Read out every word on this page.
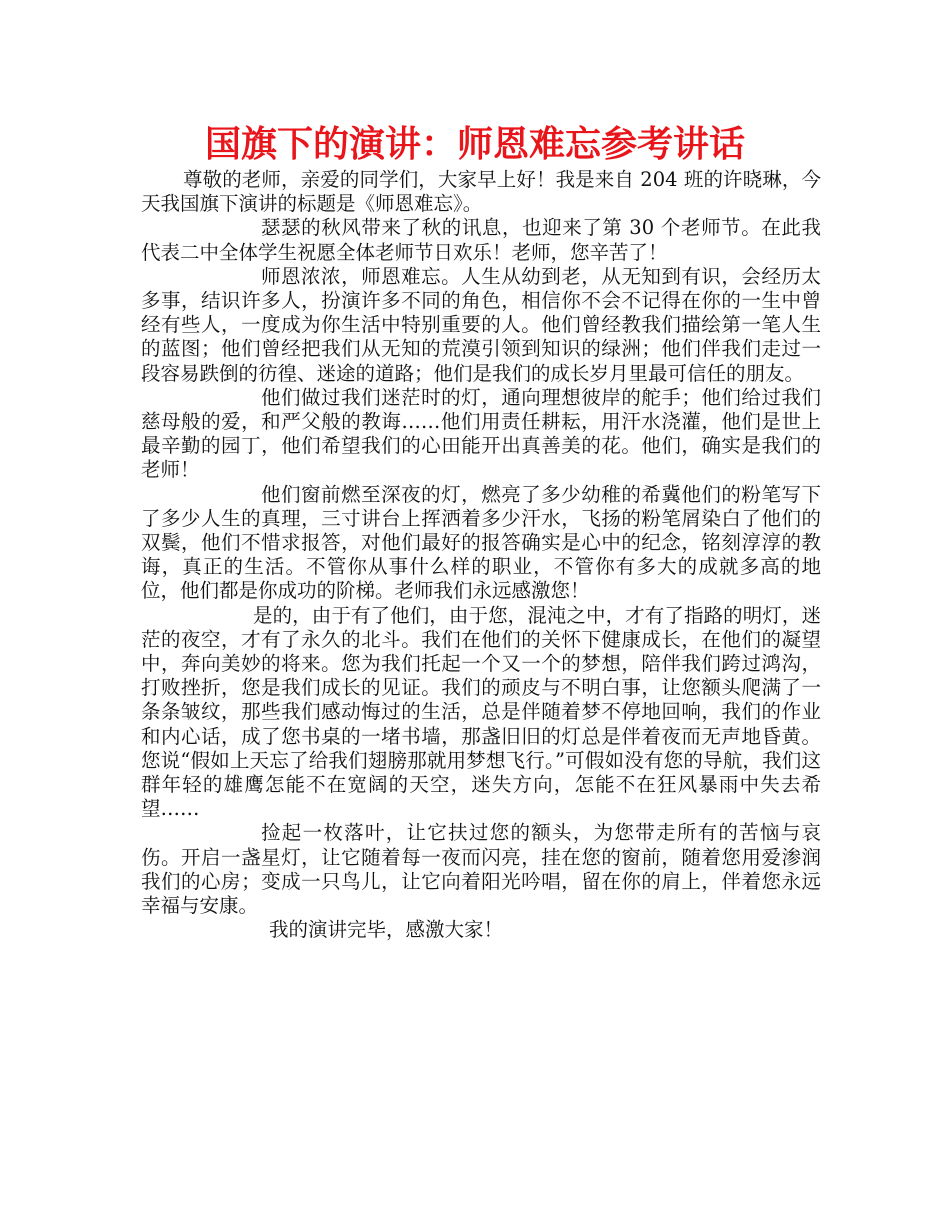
国旗下的演讲：师恩难忘参考讲话

尊敬的老师，亲爱的同学们，大家早上好！我是来自 204 班的许晓琳，今天我国旗下演讲的标题是《师恩难忘》。

瑟瑟的秋风带来了秋的讯息，也迎来了第 30 个老师节。在此我代表二中全体学生祝愿全体老师节日欢乐！老师，您辛苦了！

师恩浓浓，师恩难忘。人生从幼到老，从无知到有识，会经历太多事，结识许多人，扮演许多不同的角色，相信你不会不记得在你的一生中曾经有些人，一度成为你生活中特别重要的人。他们曾经教我们描绘第一笔人生的蓝图；他们曾经把我们从无知的荒漠引领到知识的绿洲；他们伴我们走过一段容易跌倒的彷徨、迷途的道路；他们是我们的成长岁月里最可信任的朋友。

他们做过我们迷茫时的灯，通向理想彼岸的舵手；他们给过我们慈母般的爱，和严父般的教诲……他们用责任耕耘，用汗水浇灌，他们是世上最辛勤的园丁，他们希望我们的心田能开出真善美的花。他们，确实是我们的老师！

他们窗前燃至深夜的灯，燃亮了多少幼稚的希冀他们的粉笔写下了多少人生的真理，三寸讲台上挥洒着多少汗水，飞扬的粉笔屑染白了他们的双鬓，他们不惜求报答，对他们最好的报答确实是心中的纪念，铭刻淳淳的教诲，真正的生活。不管你从事什么样的职业，不管你有多大的成就多高的地位，他们都是你成功的阶梯。老师我们永远感激您！

是的，由于有了他们，由于您，混沌之中，才有了指路的明灯，迷茫的夜空，才有了永久的北斗。我们在他们的关怀下健康成长，在他们的凝望中，奔向美妙的将来。您为我们托起一个又一个的梦想，陪伴我们跨过鸿沟，打败挫折，您是我们成长的见证。我们的顽皮与不明白事，让您额头爬满了一条条皱纹，那些我们感动悔过的生活，总是伴随着梦不停地回响，我们的作业和内心话，成了您书桌的一堵书墙，那盏旧旧的灯总是伴着夜而无声地昏黄。您说“假如上天忘了给我们翅膀那就用梦想飞行。”可假如没有您的导航，我们这群年轻的雄鹰怎能不在宽阔的天空，迷失方向，怎能不在狂风暴雨中失去希望……

捡起一枚落叶，让它扶过您的额头，为您带走所有的苦恼与哀伤。开启一盏星灯，让它随着每一夜而闪亮，挂在您的窗前，随着您用爱渗润我们的心房；变成一只鸟儿，让它向着阳光吟唱，留在你的肩上，伴着您永远幸福与安康。

我的演讲完毕，感激大家！
